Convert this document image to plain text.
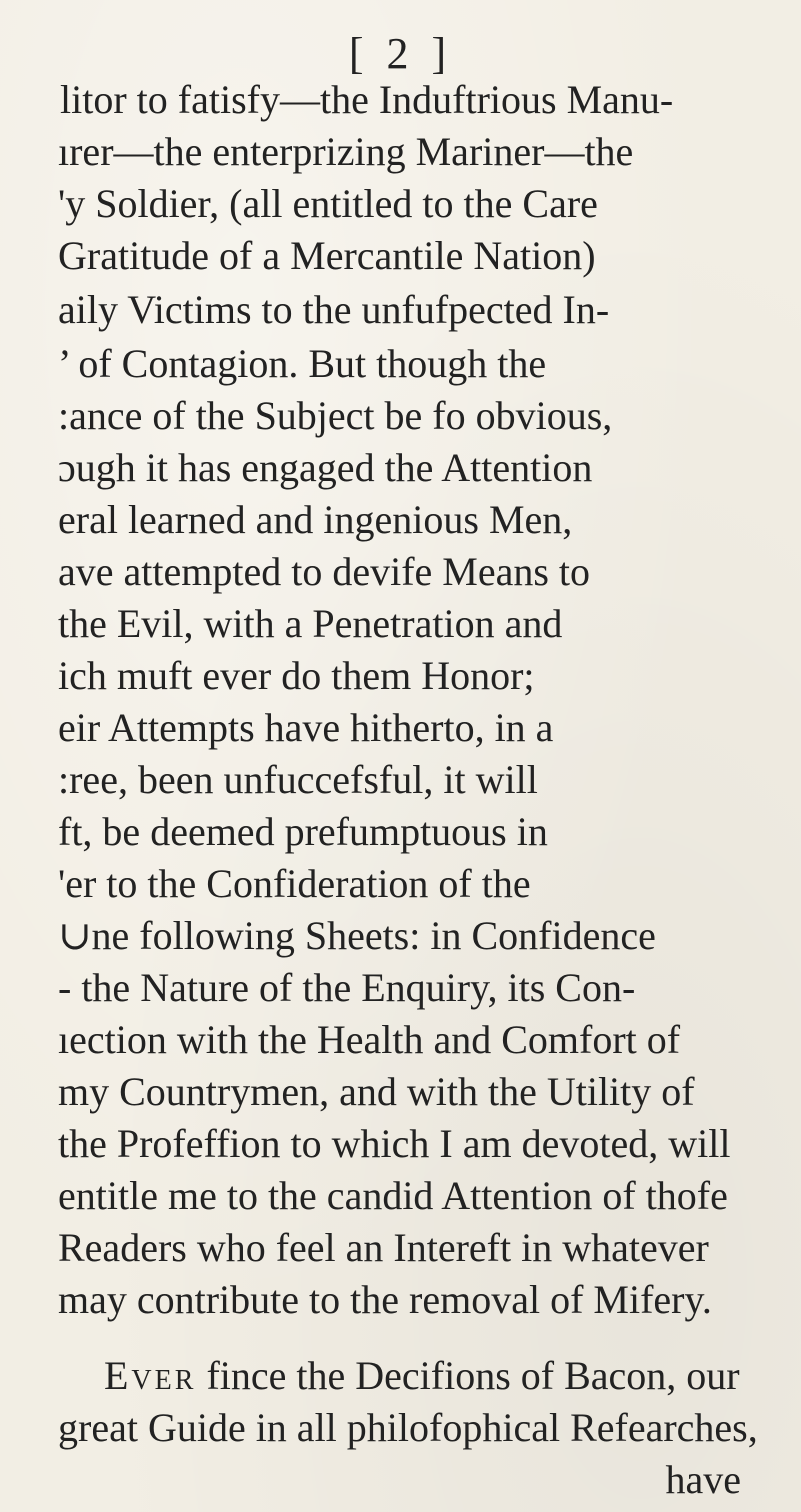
[ 2 ]
litor to fatisfy—the Induftrious Manu-
ırer—the enterprizing Mariner—the
'y Soldier, (all entitled to the Care
Gratitude of a Mercantile Nation)
aily Victims to the unfufpected In-
’ of Contagion. But though the
:ance of the Subject be fo obvious,
ɔugh it has engaged the Attention
eral learned and ingenious Men,
ave attempted to devife Means to
the Evil, with a Penetration and
ich muft ever do them Honor;
eir Attempts have hitherto, in a
:ree, been unfuccefsful, it will
ft, be deemed prefumptuous in
'er to the Confideration of the
∪ne following Sheets: in Confidence
- the Nature of the Enquiry, its Con-
ıection with the Health and Comfort of
my Countrymen, and with the Utility of
the Profeffion to which I am devoted, will
entitle me to the candid Attention of thofe
Readers who feel an Intereft in whatever
may contribute to the removal of Mifery.
Ever fince the Decifions of Bacon, our
great Guide in all philofophical Refearches,
have
